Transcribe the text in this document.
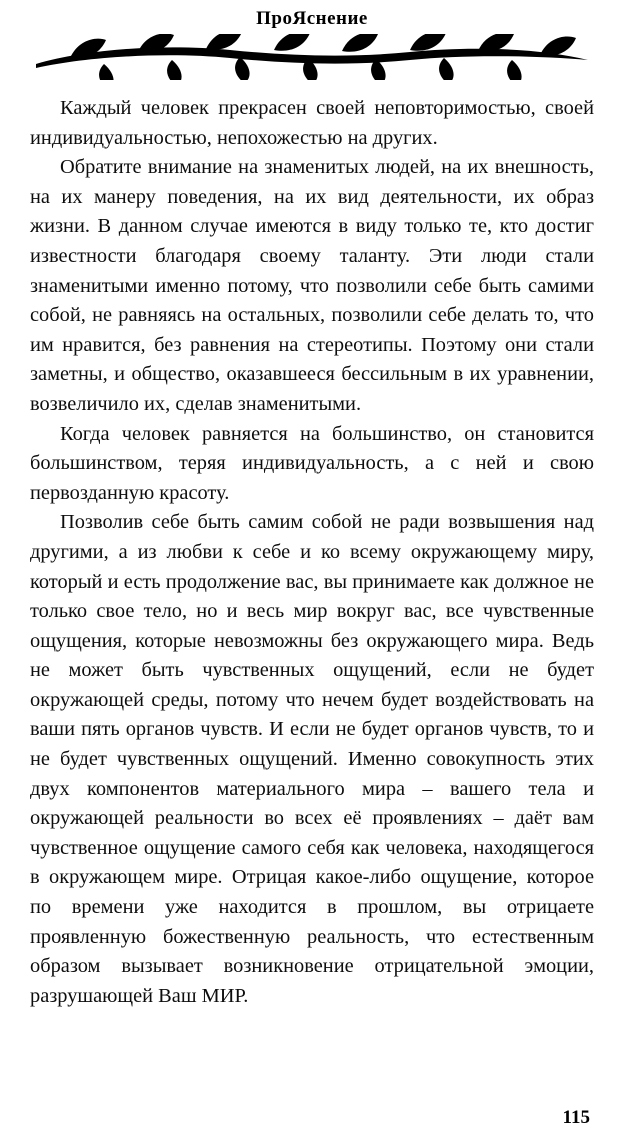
ПроЯснение

Каждый человек прекрасен своей неповторимостью, своей индивидуальностью, непохожестью на других.

Обратите внимание на знаменитых людей, на их внешность, на их манеру поведения, на их вид деятельности, их образ жизни. В данном случае имеются в виду только те, кто достиг известности благодаря своему таланту. Эти люди стали знаменитыми именно потому, что позволили себе быть самими собой, не равняясь на остальных, позволили себе делать то, что им нравится, без равнения на стереотипы. Поэтому они стали заметны, и общество, оказавшееся бессильным в их уравнении, возвеличило их, сделав знаменитыми.

Когда человек равняется на большинство, он становится большинством, теряя индивидуальность, а с ней и свою первозданную красоту.

Позволив себе быть самим собой не ради возвышения над другими, а из любви к себе и ко всему окружающему миру, который и есть продолжение вас, вы принимаете как должное не только свое тело, но и весь мир вокруг вас, все чувственные ощущения, которые невозможны без окружающего мира. Ведь не может быть чувственных ощущений, если не будет окружающей среды, потому что нечем будет воздействовать на ваши пять органов чувств. И если не будет органов чувств, то и не будет чувственных ощущений. Именно совокупность этих двух компонентов материального мира – вашего тела и окружающей реальности во всех её проявлениях – даёт вам чувственное ощущение самого себя как человека, находящегося в окружающем мире. Отрицая какое-либо ощущение, которое по времени уже находится в прошлом, вы отрицаете проявленную божественную реальность, что естественным образом вызывает возникновение отрицательной эмоции, разрушающей Ваш МИР.

115
